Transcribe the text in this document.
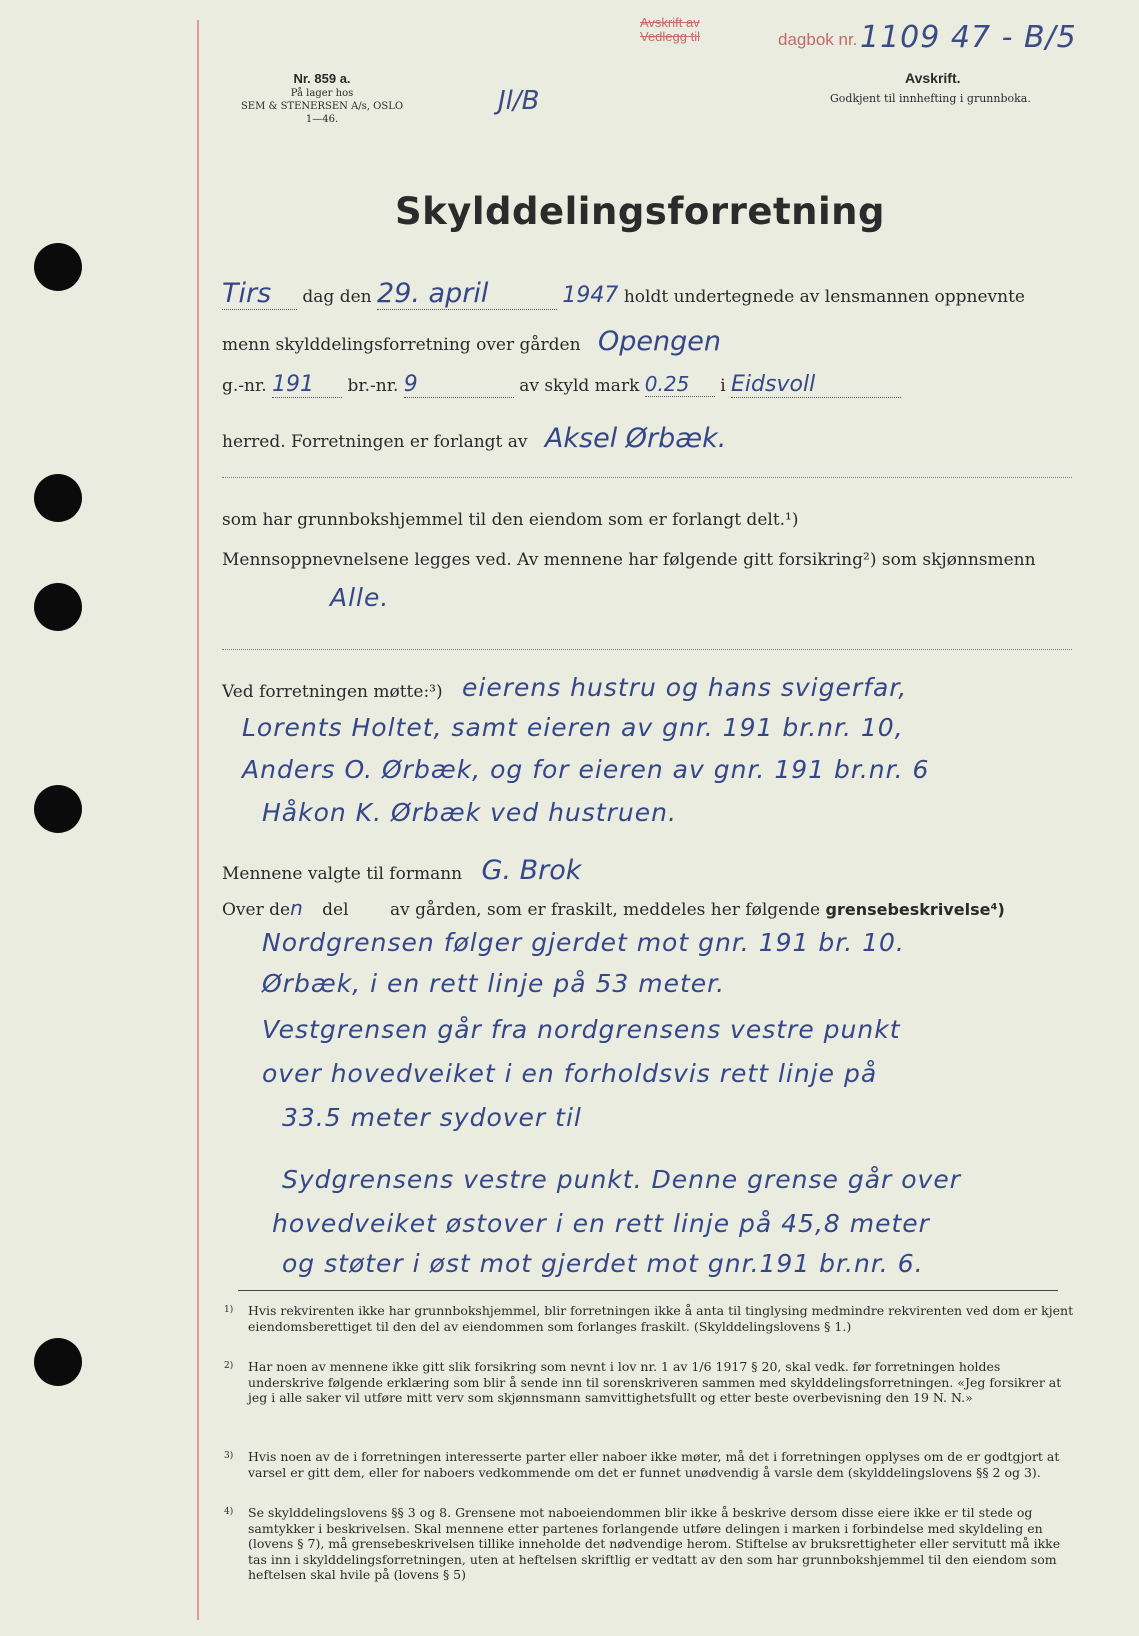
Avskrift av
Vedlegg til	dagbok nr. 1109 47 - B/5
Avskrift.
Godkjent til innhefting i grunnboka.
Nr. 859 a.
På lager hos
SEM & STENERSEN A/s, OSLO
1—46.
Jl/B
Skylddelingsforretning
Tirs dag den 29. april	1947 holdt undertegnede av lensmannen oppnevnte
menn skylddelingsforretning over gården Opengen
g.-nr. 191 br.-nr. 9	av skyld mark 0.25 i Eidsvoll
herred. Forretningen er forlangt av Aksel Ørbæk.
som har grunnbokshjemmel til den eiendom som er forlangt delt.¹)
Mennsoppnevnelsene legges ved. Av mennene har følgende gitt forsikring²) som skjønnsmenn
Alle.
Ved forretningen møtte:³) eierens hustru og hans svigerfar,
Lorents Holtet, samt eieren av gnr. 191 br.nr. 10,
Anders O. Ørbæk, og for eieren av gnr. 191 br.nr. 6
Håkon K. Ørbæk ved hustruen.
Mennene valgte til formann G. Brok
Over den del av gården, som er fraskilt, meddeles her følgende grensebeskrivelse⁴)
Nordgrensen følger gjerdet mot gnr. 191 br. 10.
Ørbæk, i en rett linje på 53 meter.
Vestgrensen går fra nordgrensens vestre punkt
over hovedveiket i en forholdsvis rett linje på
33.5 meter sydover til
Sydgrensens vestre punkt. Denne grense går over
hovedveiket østover i en rett linje på 45,8 meter
og støter i øst mot gjerdet mot gnr.191 br.nr. 6.
1) Hvis rekvirenten ikke har grunnbokshjemmel, blir forretningen ikke å anta til tinglysing medmindre rekvirenten ved dom er kjent eiendomsberettiget til den del av eiendommen som forlanges fraskilt. (Skylddelingslovens § 1.)
2) Har noen av mennene ikke gitt slik forsikring som nevnt i lov nr. 1 av 1/6 1917 § 20, skal vedk. før forretningen holdes underskrive følgende erklæring som blir å sende inn til sorenskriveren sammen med skylddelingsforretningen. «Jeg forsikrer at jeg i alle saker vil utføre mitt verv som skjønnsmann samvittighetsfullt og etter beste overbevisning den 19 N. N.»
3) Hvis noen av de i forretningen interesserte parter eller naboer ikke møter, må det i forretningen opplyses om de er godtgjort at varsel er gitt dem, eller for naboers vedkommende om det er funnet unødvendig å varsle dem (skylddelingslovens §§ 2 og 3).
4) Se skylddelingslovens §§ 3 og 8. Grensene mot naboeiendommen blir ikke å beskrive dersom disse eiere ikke er til stede og samtykker i beskrivelsen. Skal mennene etter partenes forlangende utføre delingen i marken i forbindelse med skyldeling en (lovens § 7), må grensebeskrivelsen tillike inneholde det nødvendige herom. Stiftelse av bruksrettigheter eller servitutt må ikke tas inn i skylddelingsforretningen, uten at heftelsen skriftlig er vedtatt av den som har grunnbokshjemmel til den eiendom som heftelsen skal hvile på (lovens § 5)
